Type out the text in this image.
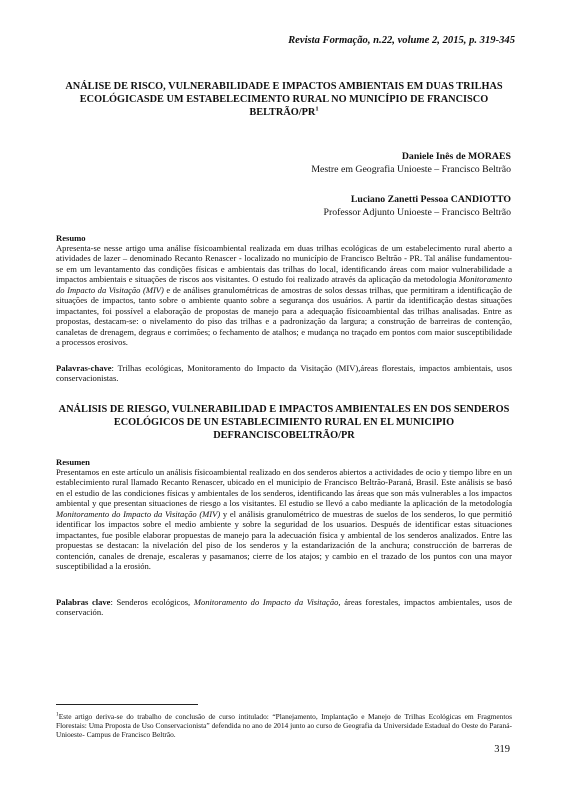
Revista Formação, n.22, volume 2, 2015, p. 319-345
ANÁLISE DE RISCO, VULNERABILIDADE E IMPACTOS AMBIENTAIS EM DUAS TRILHAS ECOLÓGICASDE UM ESTABELECIMENTO RURAL NO MUNICÍPIO DE FRANCISCO BELTRÃO/$PR^1$
Daniele Inês de MORAES
Mestre em Geografia Unioeste – Francisco Beltrão
Luciano Zanetti Pessoa CANDIOTTO
Professor Adjunto Unioeste – Francisco Beltrão
Resumo
Apresenta-se nesse artigo uma análise físicoambiental realizada em duas trilhas ecológicas de um estabelecimento rural aberto a atividades de lazer – denominado Recanto Renascer - localizado no município de Francisco Beltrão - PR. Tal análise fundamentou-se em um levantamento das condições físicas e ambientais das trilhas do local, identificando áreas com maior vulnerabilidade a impactos ambientais e situações de riscos aos visitantes. O estudo foi realizado através da aplicação da metodologia Monitoramento do Impacto da Visitação (MIV) e de análises granulométricas de amostras de solos dessas trilhas, que permitiram a identificação de situações de impactos, tanto sobre o ambiente quanto sobre a segurança dos usuários. A partir da identificação destas situações impactantes, foi possível a elaboração de propostas de manejo para a adequação físicoambiental das trilhas analisadas. Entre as propostas, destacam-se: o nivelamento do piso das trilhas e a padronização da largura; a construção de barreiras de contenção, canaletas de drenagem, degraus e corrimões; o fechamento de atalhos; e mudança no traçado em pontos com maior susceptibilidade a processos erosivos.
Palavras-chave: Trilhas ecológicas, Monitoramento do Impacto da Visitação (MIV),áreas florestais, impactos ambientais, usos conservacionistas.
ANÁLISIS DE RIESGO, VULNERABILIDAD E IMPACTOS AMBIENTALES EN DOS SENDEROS ECOLÓGICOS DE UN ESTABLECIMIENTO RURAL EN EL MUNICIPIO DEFRANCISCOBELTRÃO/PR
Resumen
Presentamos en este artículo un análisis físicoambiental realizado en dos senderos abiertos a actividades de ocio y tiempo libre en un establecimiento rural llamado Recanto Renascer, ubicado en el municipio de Francisco Beltrão-Paraná, Brasil. Este análisis se basó en el estudio de las condiciones físicas y ambientales de los senderos, identificando las áreas que son más vulnerables a los impactos ambiental y que presentan situaciones de riesgo a los visitantes. El estudio se llevó a cabo mediante la aplicación de la metodología Monitoramento do Impacto da Visitação (MIV) y el análisis granulométrico de muestras de suelos de los senderos, lo que permitió identificar los impactos sobre el medio ambiente y sobre la seguridad de los usuarios. Después de identificar estas situaciones impactantes, fue posible elaborar propuestas de manejo para la adecuación física y ambiental de los senderos analizados. Entre las propuestas se destacan: la nivelación del piso de los senderos y la estandarización de la anchura; construcción de barreras de contención, canales de drenaje, escaleras y pasamanos; cierre de los atajos; y cambio en el trazado de los puntos con una mayor susceptibilidad a la erosión.
Palabras clave: Senderos ecológicos, Monitoramento do Impacto da Visitação, áreas forestales, impactos ambientales, usos de conservación.
$^1$Este artigo deriva-se do trabalho de conclusão de curso intitulado: “Planejamento, Implantação e Manejo de Trilhas Ecológicas em Fragmentos Florestais: Uma Proposta de Uso Conservacionista” defendida no ano de 2014 junto ao curso de Geografia da Universidade Estadual do Oeste do Paraná- Unioeste- Campus de Francisco Beltrão.
319
